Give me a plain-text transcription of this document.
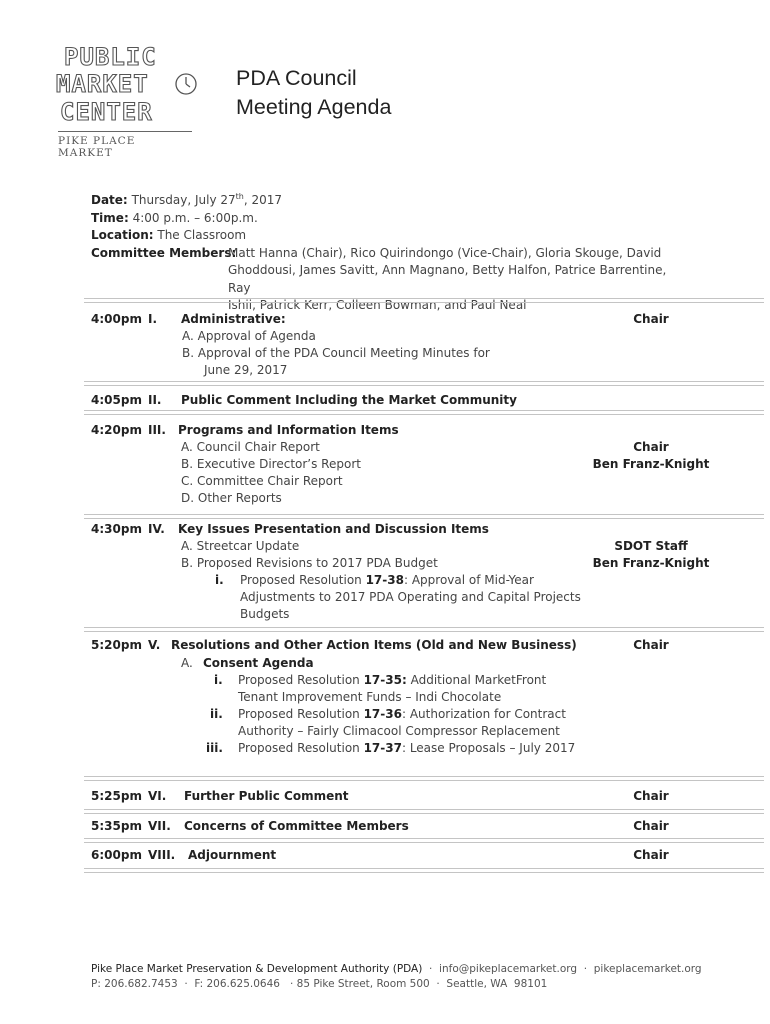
PUBLIC
MARKET
CENTER
PIKE PLACE MARKET
PDA Council
Meeting Agenda
Date: Thursday, July 27th, 2017
Time: 4:00 p.m. – 6:00p.m.
Location: The Classroom
Committee Members:
Matt Hanna (Chair), Rico Quirindongo (Vice-Chair), Gloria Skouge, David
Ghoddousi, James Savitt, Ann Magnano, Betty Halfon, Patrice Barrentine, Ray
Ishii, Patrick Kerr, Colleen Bowman, and Paul Neal
4:00pm I. Administrative:	Chair
A. Approval of Agenda
B. Approval of the PDA Council Meeting Minutes for
June 29, 2017
4:05pm II. Public Comment Including the Market Community
4:20pm III. Programs and Information Items
A. Council Chair Report	Chair
B. Executive Director’s Report	Ben Franz-Knight
C. Committee Chair Report
D. Other Reports
4:30pm IV. Key Issues Presentation and Discussion Items
A. Streetcar Update	SDOT Staff
B. Proposed Revisions to 2017 PDA Budget	Ben Franz-Knight
i. Proposed Resolution 17-38: Approval of Mid-Year
Adjustments to 2017 PDA Operating and Capital Projects
Budgets
5:20pm V. Resolutions and Other Action Items (Old and New Business)	Chair
A. Consent Agenda
i. Proposed Resolution 17-35: Additional MarketFront
Tenant Improvement Funds – Indi Chocolate
ii. Proposed Resolution 17-36: Authorization for Contract
Authority – Fairly Climacool Compressor Replacement
iii. Proposed Resolution 17-37: Lease Proposals – July 2017
5:25pm VI. Further Public Comment	Chair
5:35pm VII. Concerns of Committee Members	Chair
6:00pm VIII. Adjournment	Chair
Pike Place Market Preservation & Development Authority (PDA)  ·  info@pikeplacemarket.org  ·  pikeplacemarket.org
P: 206.682.7453  ·  F: 206.625.0646   · 85 Pike Street, Room 500  ·  Seattle, WA  98101
